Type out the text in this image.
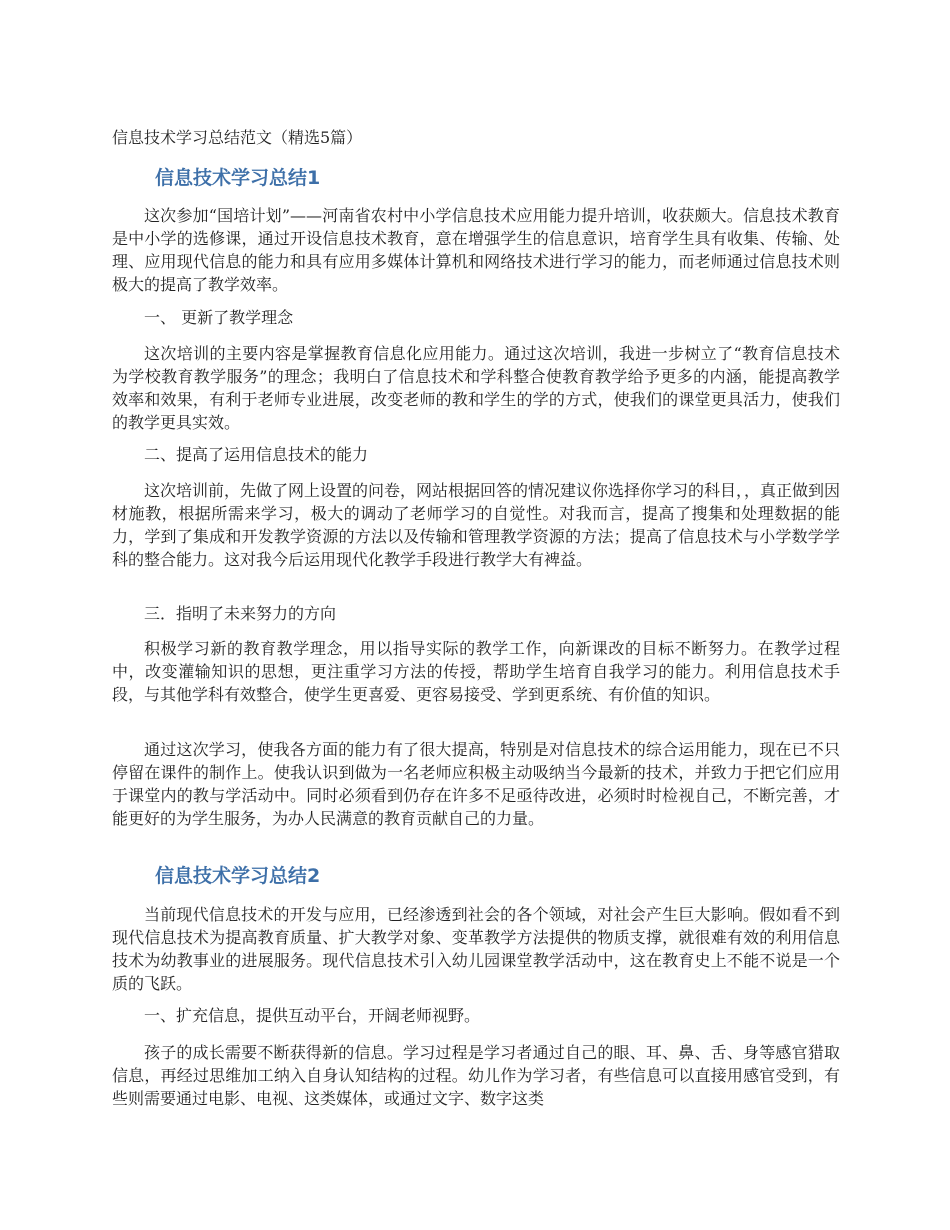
信息技术学习总结范文（精选5篇）
信息技术学习总结1

这次参加“国培计划”——河南省农村中小学信息技术应用能力提升培训，收获颇大。信息技术教育是中小学的选修课，通过开设信息技术教育，意在增强学生的信息意识，培育学生具有收集、传输、处理、应用现代信息的能力和具有应用多媒体计算机和网络技术进行学习的能力，而老师通过信息技术则极大的提高了教学效率。

一、 更新了教学理念

这次培训的主要内容是掌握教育信息化应用能力。通过这次培训，我进一步树立了“教育信息技术为学校教育教学服务”的理念；我明白了信息技术和学科整合使教育教学给予更多的内涵，能提高教学效率和效果，有利于老师专业进展，改变老师的教和学生的学的方式，使我们的课堂更具活力，使我们的教学更具实效。

二、提高了运用信息技术的能力

这次培训前，先做了网上设置的问卷，网站根据回答的情况建议你选择你学习的科目，，真正做到因材施教，根据所需来学习，极大的调动了老师学习的自觉性。对我而言，提高了搜集和处理数据的能力，学到了集成和开发教学资源的方法以及传输和管理教学资源的方法；提高了信息技术与小学数学学科的整合能力。这对我今后运用现代化教学手段进行教学大有裨益。

三．指明了未来努力的方向

积极学习新的教育教学理念，用以指导实际的教学工作，向新课改的目标不断努力。在教学过程中，改变灌输知识的思想，更注重学习方法的传授，帮助学生培育自我学习的能力。利用信息技术手段，与其他学科有效整合，使学生更喜爱、更容易接受、学到更系统、有价值的知识。

通过这次学习，使我各方面的能力有了很大提高，特别是对信息技术的综合运用能力，现在已不只停留在课件的制作上。使我认识到做为一名老师应积极主动吸纳当今最新的技术，并致力于把它们应用于课堂内的教与学活动中。同时必须看到仍存在许多不足亟待改进，必须时时检视自己，不断完善，才能更好的为学生服务，为办人民满意的教育贡献自己的力量。

信息技术学习总结2

当前现代信息技术的开发与应用，已经渗透到社会的各个领域，对社会产生巨大影响。假如看不到现代信息技术为提高教育质量、扩大教学对象、变革教学方法提供的物质支撑，就很难有效的利用信息技术为幼教事业的进展服务。现代信息技术引入幼儿园课堂教学活动中，这在教育史上不能不说是一个质的飞跃。

一、扩充信息，提供互动平台，开阔老师视野。

孩子的成长需要不断获得新的信息。学习过程是学习者通过自己的眼、耳、鼻、舌、身等感官猎取信息，再经过思维加工纳入自身认知结构的过程。幼儿作为学习者，有些信息可以直接用感官受到，有些则需要通过电影、电视、这类媒体，或通过文字、数字这类
